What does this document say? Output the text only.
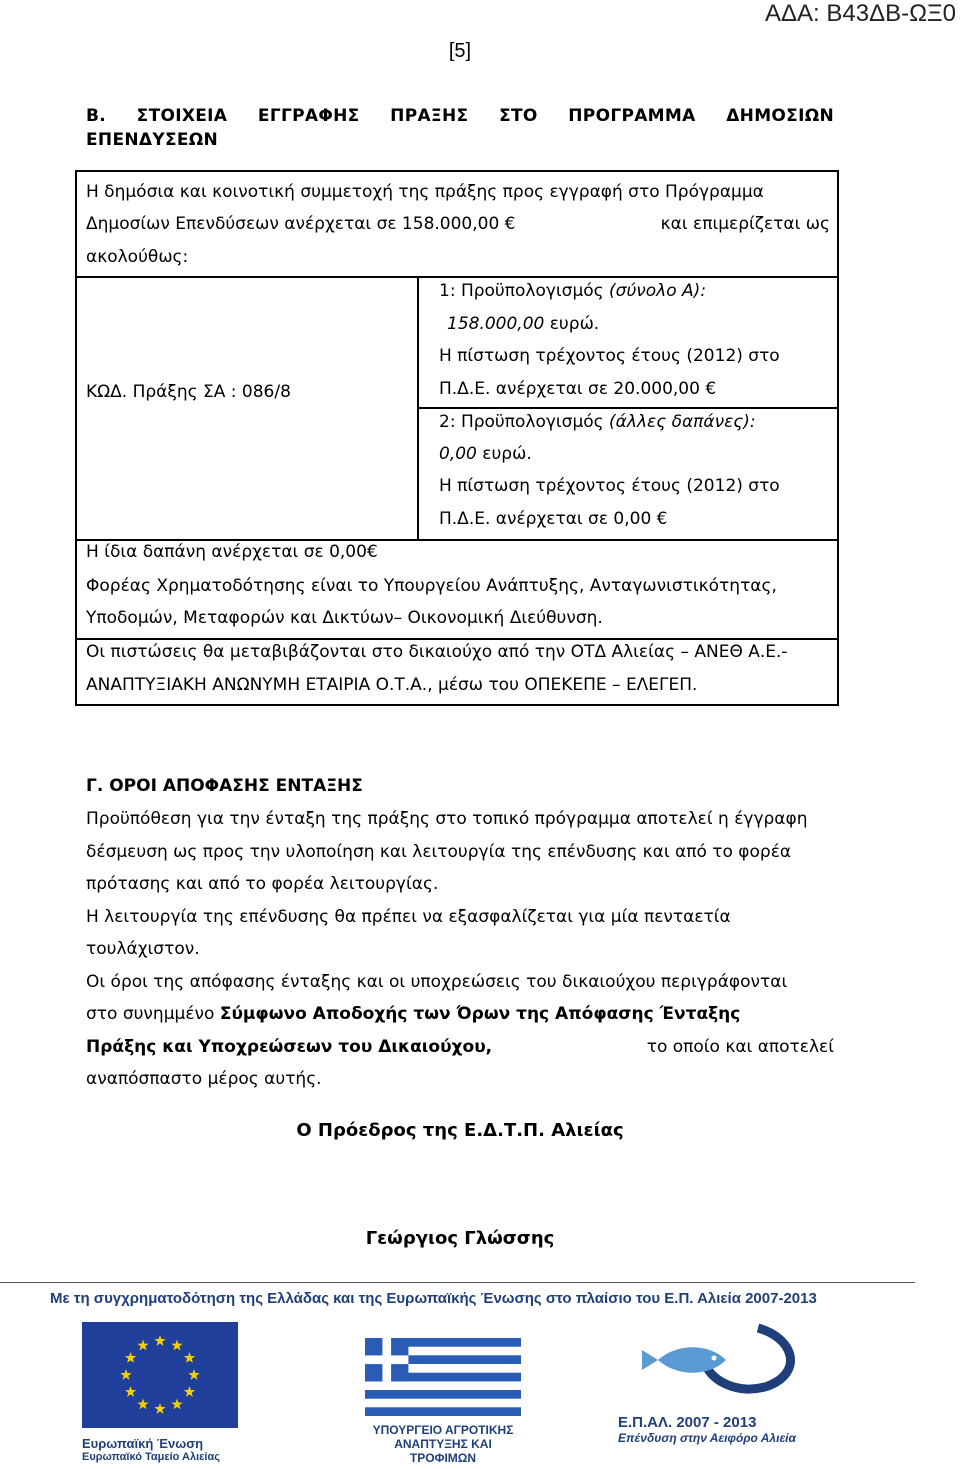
ΑΔΑ: Β43ΔΒ-ΩΞ0
[5]
Β. ΣΤΟΙΧΕΙΑ ΕΓΓΡΑΦΗΣ ΠΡΑΞΗΣ ΣΤΟ ΠΡΟΓΡΑΜΜΑ ΔΗΜΟΣΙΩΝ
ΕΠΕΝΔΥΣΕΩΝ
Η δημόσια και κοινοτική συμμετοχή της πράξης προς εγγραφή στο Πρόγραμμα
Δημοσίων Επενδύσεων ανέρχεται σε 158.000,00 €	και επιμερίζεται ως
ακολούθως:
ΚΩΔ. Πράξης ΣΑ : 086/8
1: Προϋπολογισμός (σύνολο Α):
158.000,00 ευρώ.
Η πίστωση τρέχοντος έτους (2012) στο
Π.Δ.Ε. ανέρχεται σε 20.000,00 €
2: Προϋπολογισμός (άλλες δαπάνες):
0,00 ευρώ.
Η πίστωση τρέχοντος έτους (2012) στο
Π.Δ.Ε. ανέρχεται σε 0,00 €
Η ίδια δαπάνη ανέρχεται σε 0,00€
Φορέας Χρηματοδότησης είναι το Υπουργείου Ανάπτυξης, Ανταγωνιστικότητας,
Υποδομών, Μεταφορών και Δικτύων– Οικονομική Διεύθυνση.
Οι πιστώσεις θα μεταβιβάζονται στο δικαιούχο από την ΟΤΔ Αλιείας – ΑΝΕΘ Α.Ε.-
ΑΝΑΠΤΥΞΙΑΚΗ ΑΝΩΝΥΜΗ ΕΤΑΙΡΙΑ Ο.Τ.Α., μέσω του ΟΠΕΚΕΠΕ – ΕΛΕΓΕΠ.
Γ. ΟΡΟΙ ΑΠΟΦΑΣΗΣ ΕΝΤΑΞΗΣ
Προϋπόθεση για την ένταξη της πράξης στο τοπικό πρόγραμμα αποτελεί η έγγραφη
δέσμευση ως προς την υλοποίηση και λειτουργία της επένδυσης και από το φορέα
πρότασης και από το φορέα λειτουργίας.
Η λειτουργία της επένδυσης θα πρέπει να εξασφαλίζεται για μία πενταετία
τουλάχιστον.
Οι όροι της απόφασης ένταξης και οι υποχρεώσεις του δικαιούχου περιγράφονται
στο συνημμένο Σύμφωνο Αποδοχής των Όρων της Απόφασης Ένταξης
Πράξης και Υποχρεώσεων του Δικαιούχου,	το οποίο και αποτελεί
αναπόσπαστο μέρος αυτής.
Ο Πρόεδρος της Ε.Δ.Τ.Π. Αλιείας
Γεώργιος Γλώσσης
Με τη συγχρηματοδότηση της Ελλάδας και της Ευρωπαϊκής Ένωσης στο πλαίσιο του Ε.Π. Αλιεία 2007-2013
Ευρωπαϊκή Ένωση
Ευρωπαϊκό Ταμείο Αλιείας
ΥΠΟΥΡΓΕΙΟ ΑΓΡΟΤΙΚΗΣ
ΑΝΑΠΤΥΞΗΣ ΚΑΙ ΤΡΟΦΙΜΩΝ
Ε.Π.ΑΛ. 2007 - 2013
Επένδυση στην Αειφόρο Αλιεία
